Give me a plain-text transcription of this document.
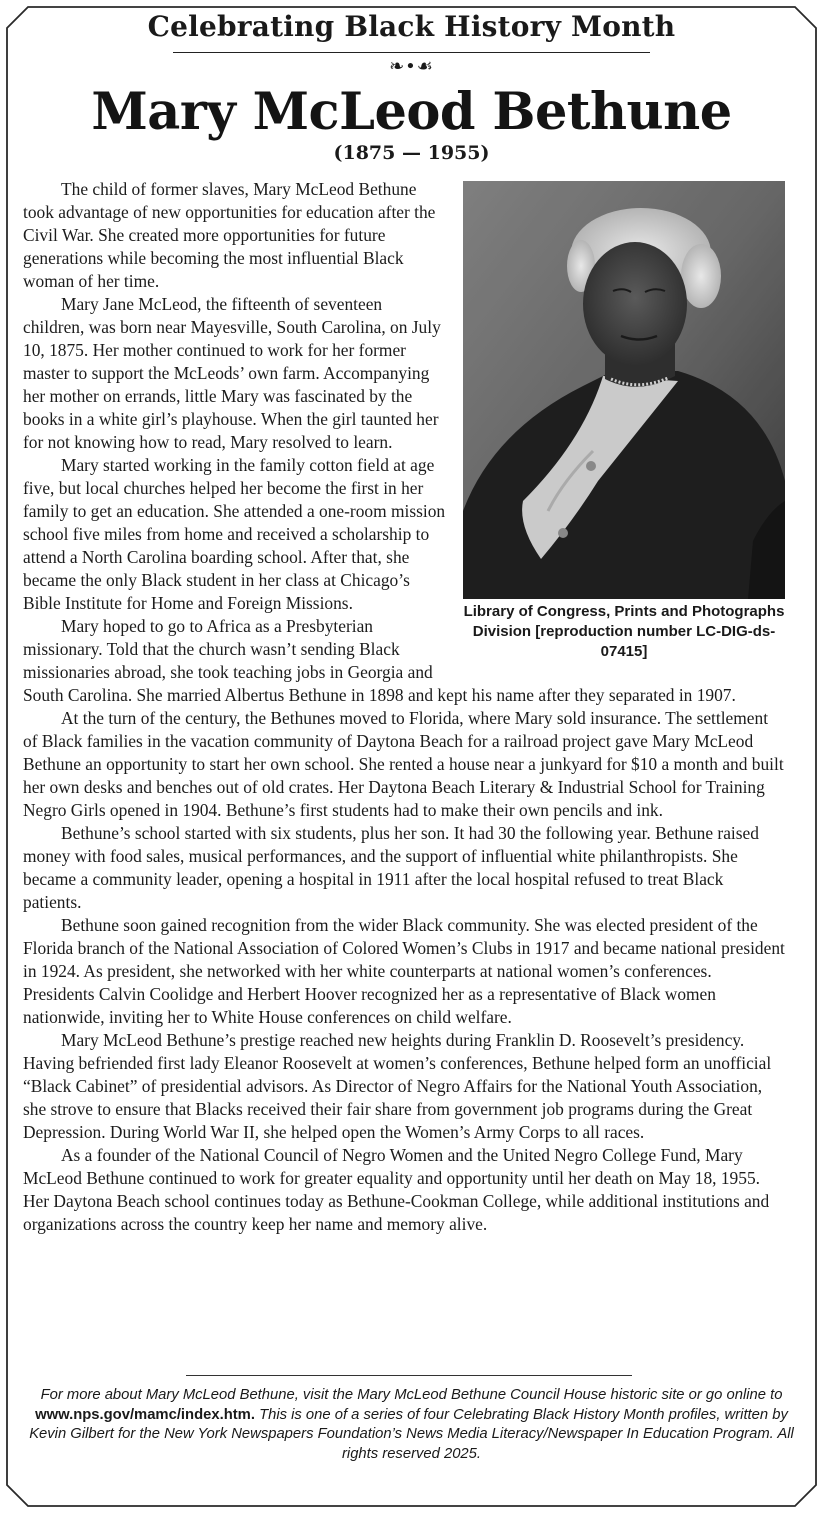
Celebrating Black History Month
❧•☙
Mary McLeod Bethune
(1875 — 1955)
Library of Congress, Prints and Photographs Division [reproduction number LC-DIG-ds-07415]

The child of former slaves, Mary McLeod Bethune took advantage of new opportunities for education after the Civil War. She created more opportunities for future generations while becoming the most influential Black woman of her time.

Mary Jane McLeod, the fifteenth of seventeen children, was born near Mayesville, South Carolina, on July 10, 1875. Her mother continued to work for her former master to support the McLeods’ own farm. Accompanying her mother on errands, little Mary was fascinated by the books in a white girl’s playhouse. When the girl taunted her for not knowing how to read, Mary resolved to learn.

Mary started working in the family cotton field at age five, but local churches helped her become the first in her family to get an education. She attended a one-room mission school five miles from home and received a scholarship to attend a North Carolina boarding school. After that, she became the only Black student in her class at Chicago’s Bible Institute for Home and Foreign Missions.

Mary hoped to go to Africa as a Presbyterian missionary. Told that the church wasn’t sending Black missionaries abroad, she took teaching jobs in Georgia and South Carolina. She married Albertus Bethune in 1898 and kept his name after they separated in 1907.

At the turn of the century, the Bethunes moved to Florida, where Mary sold insurance. The settlement of Black families in the vacation community of Daytona Beach for a railroad project gave Mary McLeod Bethune an opportunity to start her own school. She rented a house near a junkyard for $10 a month and built her own desks and benches out of old crates. Her Daytona Beach Literary & Industrial School for Training Negro Girls opened in 1904. Bethune’s first students had to make their own pencils and ink.

Bethune’s school started with six students, plus her son. It had 30 the following year. Bethune raised money with food sales, musical performances, and the support of influential white philanthropists. She became a community leader, opening a hospital in 1911 after the local hospital refused to treat Black patients.

Bethune soon gained recognition from the wider Black community. She was elected president of the Florida branch of the National Association of Colored Women’s Clubs in 1917 and became national president in 1924. As president, she networked with her white counterparts at national women’s conferences. Presidents Calvin Coolidge and Herbert Hoover recognized her as a representative of Black women nationwide, inviting her to White House conferences on child welfare.

Mary McLeod Bethune’s prestige reached new heights during Franklin D. Roosevelt’s presidency. Having befriended first lady Eleanor Roosevelt at women’s conferences, Bethune helped form an unofficial “Black Cabinet” of presidential advisors. As Director of Negro Affairs for the National Youth Association, she strove to ensure that Blacks received their fair share from government job programs during the Great Depression. During World War II, she helped open the Women’s Army Corps to all races.

As a founder of the National Council of Negro Women and the United Negro College Fund, Mary McLeod Bethune continued to work for greater equality and opportunity until her death on May 18, 1955. Her Daytona Beach school continues today as Bethune-Cookman College, while additional institutions and organizations across the country keep her name and memory alive.

For more about Mary McLeod Bethune, visit the Mary McLeod Bethune Council House historic site or go online to www.nps.gov/mamc/index.htm. This is one of a series of four Celebrating Black History Month profiles, written by Kevin Gilbert for the New York Newspapers Foundation’s News Media Literacy/Newspaper In Education Program. All rights reserved 2025.
